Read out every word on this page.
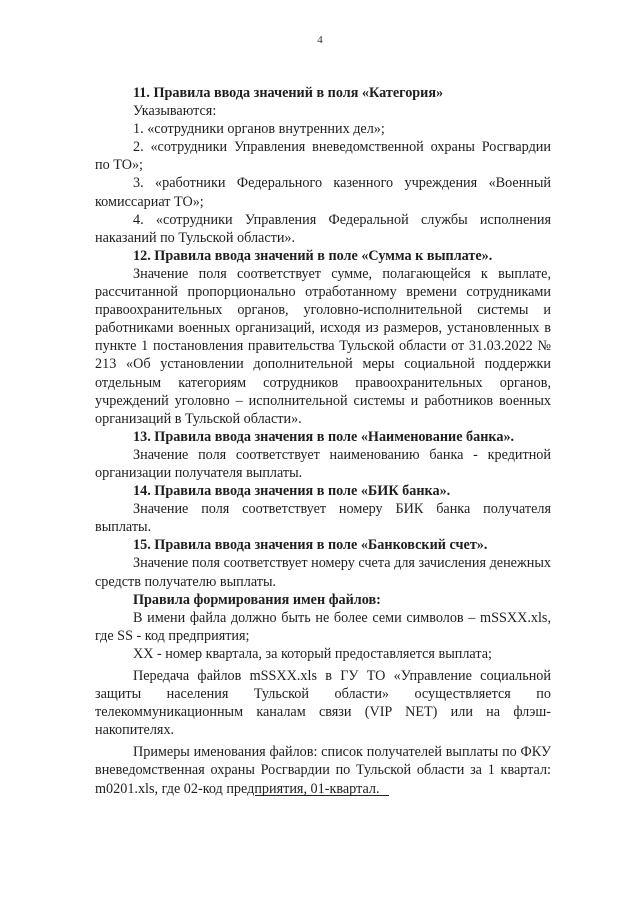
4
11. Правила ввода значений в поля «Категория»

Указываются:

1. «сотрудники органов внутренних дел»;

2. «сотрудники Управления вневедомственной охраны Росгвардии по ТО»;

3. «работники Федерального казенного учреждения «Военный комиссариат ТО»;

4. «сотрудники Управления Федеральной службы исполнения наказаний по Тульской области».

12. Правила ввода значений в поле «Сумма к выплате».

Значение поля соответствует сумме, полагающейся к выплате, рассчитанной пропорционально отработанному времени сотрудниками правоохранительных органов, уголовно-исполнительной системы и работниками военных организаций, исходя из размеров, установленных в пункте 1 постановления правительства Тульской области от 31.03.2022 № 213 «Об установлении дополнительной меры социальной поддержки отдельным категориям сотрудников правоохранительных органов, учреждений уголовно – исполнительной системы и работников военных организаций в Тульской области».

13. Правила ввода значения в поле «Наименование банка».

Значение поля соответствует наименованию банка - кредитной организации получателя выплаты.

14. Правила ввода значения в поле «БИК банка».

Значение поля соответствует номеру БИК банка получателя выплаты.

15. Правила ввода значения в поле «Банковский счет».

Значение поля соответствует номеру счета для зачисления денежных средств получателю выплаты.

Правила формирования имен файлов:

В имени файла должно быть не более семи символов – mSSXX.xls, где SS - код предприятия;

XX - номер квартала, за который предоставляется выплата;

Передача файлов mSSXX.xls в ГУ ТО «Управление социальной защиты населения Тульской области» осуществляется по телекоммуникационным каналам связи (VIP NET) или на флэш-накопителях.

Примеры именования файлов: список получателей выплаты по ФКУ вневедомственная охраны Росгвардии по Тульской области за 1 квартал: m0201.xls, где 02-код предприятия, 01-квартал.
